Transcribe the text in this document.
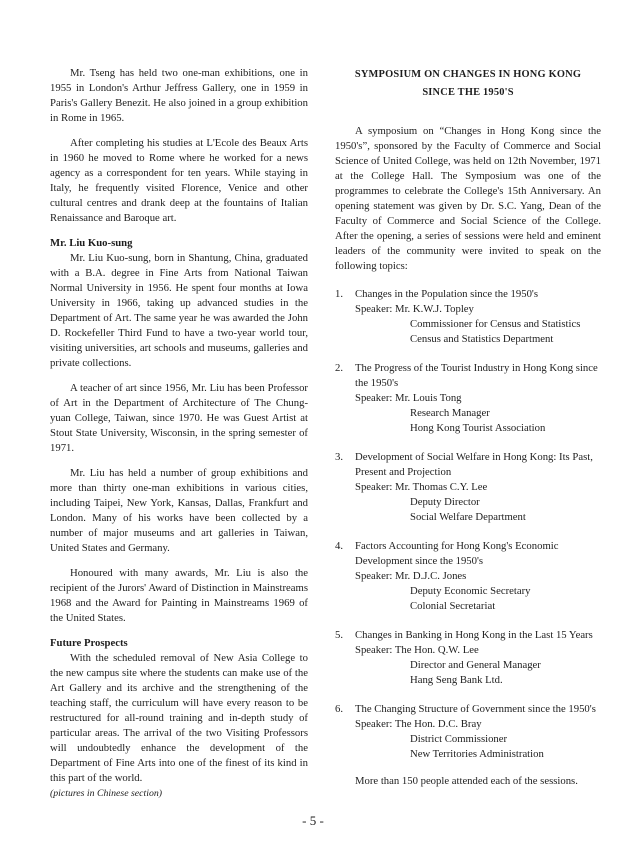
Mr. Tseng has held two one-man exhibitions, one in 1955 in London's Arthur Jeffress Gallery, one in 1959 in Paris's Gallery Benezit. He also joined in a group exhibition in Rome in 1965.

After completing his studies at L'Ecole des Beaux Arts in 1960 he moved to Rome where he worked for a news agency as a correspondent for ten years. While staying in Italy, he frequently visited Florence, Venice and other cultural centres and drank deep at the fountains of Italian Renaissance and Baroque art.

Mr. Liu Kuo-sung

Mr. Liu Kuo-sung, born in Shantung, China, graduated with a B.A. degree in Fine Arts from National Taiwan Normal University in 1956. He spent four months at Iowa University in 1966, taking up advanced studies in the Department of Art. The same year he was awarded the John D. Rockefeller Third Fund to have a two-year world tour, visiting universities, art schools and museums, galleries and private collections.

A teacher of art since 1956, Mr. Liu has been Professor of Art in the Department of Architecture of The Chung-yuan College, Taiwan, since 1970. He was Guest Artist at Stout State University, Wisconsin, in the spring semester of 1971.

Mr. Liu has held a number of group exhibitions and more than thirty one-man exhibitions in various cities, including Taipei, New York, Kansas, Dallas, Frankfurt and London. Many of his works have been collected by a number of major museums and art galleries in Taiwan, United States and Germany.

Honoured with many awards, Mr. Liu is also the recipient of the Jurors' Award of Distinction in Mainstreams 1968 and the Award for Painting in Mainstreams 1969 of the United States.

Future Prospects

With the scheduled removal of New Asia College to the new campus site where the students can make use of the Art Gallery and its archive and the strengthening of the teaching staff, the curriculum will have every reason to be restructured for all-round training and in-depth study of particular areas. The arrival of the two Visiting Professors will undoubtedly enhance the development of the Department of Fine Arts into one of the finest of its kind in this part of the world.

(pictures in Chinese section)

SYMPOSIUM ON CHANGES IN HONG KONG
SINCE THE 1950'S

A symposium on “Changes in Hong Kong since the 1950's”, sponsored by the Faculty of Commerce and Social Science of United College, was held on 12th November, 1971 at the College Hall. The Symposium was one of the programmes to celebrate the College's 15th Anniversary. An opening statement was given by Dr. S.C. Yang, Dean of the Faculty of Commerce and Social Science of the College. After the opening, a series of sessions were held and eminent leaders of the community were invited to speak on the following topics:

1. Changes in the Population since the 1950's
Speaker: Mr. K.W.J. Topley
Commissioner for Census and Statistics
Census and Statistics Department
2. The Progress of the Tourist Industry in Hong Kong since the 1950's
Speaker: Mr. Louis Tong
Research Manager
Hong Kong Tourist Association
3. Development of Social Welfare in Hong Kong: Its Past, Present and Projection
Speaker: Mr. Thomas C.Y. Lee
Deputy Director
Social Welfare Department
4. Factors Accounting for Hong Kong's Economic Development since the 1950's
Speaker: Mr. D.J.C. Jones
Deputy Economic Secretary
Colonial Secretariat
5. Changes in Banking in Hong Kong in the Last 15 Years
Speaker: The Hon. Q.W. Lee
Director and General Manager
Hang Seng Bank Ltd.
6. The Changing Structure of Government since the 1950's
Speaker: The Hon. D.C. Bray
District Commissioner
New Territories Administration

More than 150 people attended each of the sessions.

- 5 -
